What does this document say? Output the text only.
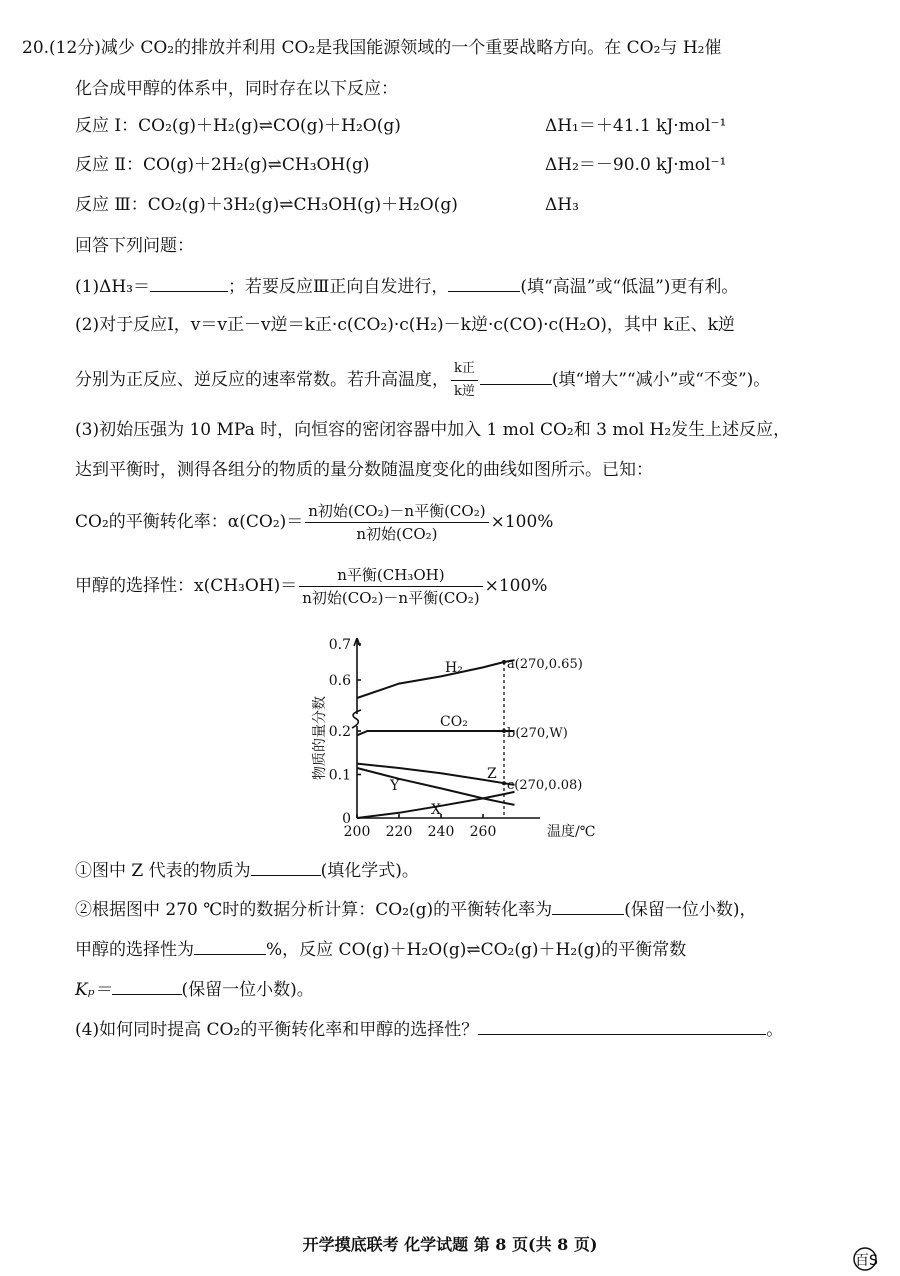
20.(12分)减少 CO₂的排放并利用 CO₂是我国能源领域的一个重要战略方向。在 CO₂与 H₂催
化合成甲醇的体系中，同时存在以下反应：
反应 Ⅰ：CO₂(g)＋H₂(g)⇌CO(g)＋H₂O(g)	ΔH₁＝＋41.1 kJ·mol⁻¹
反应 Ⅱ：CO(g)＋2H₂(g)⇌CH₃OH(g)	ΔH₂＝－90.0 kJ·mol⁻¹
反应 Ⅲ：CO₂(g)＋3H₂(g)⇌CH₃OH(g)＋H₂O(g)	ΔH₃
回答下列问题：
(1)ΔH₃＝	；若要反应Ⅲ正向自发进行，	(填“高温”或“低温”)更有利。
(2)对于反应Ⅰ，v＝v正－v逆＝k正·c(CO₂)·c(H₂)－k逆·c(CO)·c(H₂O)，其中 k正、k逆
分别为正反应、逆反应的速率常数。若升高温度， $\frac{\text{k正}}{\text{k逆}}$	(填“增大”“减小”或“不变”)。
(3)初始压强为 10 MPa 时，向恒容的密闭容器中加入 1 mol CO₂和 3 mol H₂发生上述反应，
达到平衡时，测得各组分的物质的量分数随温度变化的曲线如图所示。已知：
CO₂的平衡转化率：$\alpha(CO_2)= \frac{\text{n初始(CO₂)－n平衡(CO₂)}}{\text{n初始(CO₂)}} \times 100\%$
甲醇的选择性：$x(CH_3OH)= \frac{\text{n平衡(CH₃OH)}}{\text{n初始(CO₂)－n平衡(CO₂)}} \times 100\%$
0
0.1
0.2
0.6
0.7
200 220 240 260	温度/℃
物质的量分数
H₂
CO₂
Z
Y
X
a(270,0.65)
b(270,W)
c(270,0.08)
①图中 Z 代表的物质为	(填化学式)。
②根据图中 270 ℃时的数据分析计算：CO₂(g)的平衡转化率为	(保留一位小数)，
甲醇的选择性为	%，反应 CO(g)＋H₂O(g)⇌CO₂(g)＋H₂(g)的平衡常数
Kₚ＝	(保留一位小数)。
(4)如何同时提高 CO₂的平衡转化率和甲醇的选择性？	。
开学摸底联考 化学试题 第 8 页(共 8 页)
百S
